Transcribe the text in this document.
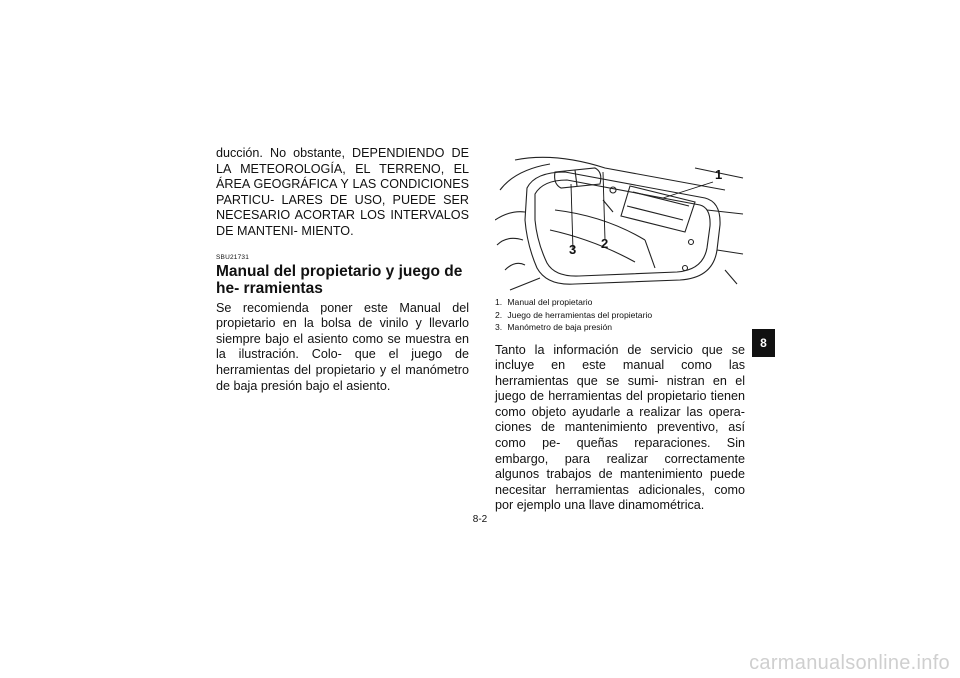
ducción. No obstante, DEPENDIENDO DE LA METEOROLOGÍA, EL TERRENO, EL ÁREA GEOGRÁFICA Y LAS CONDICIONES PARTICU- LARES DE USO, PUEDE SER NECESARIO ACORTAR LOS INTERVALOS DE MANTENI- MIENTO.

SBU21731
Manual del propietario y juego de he- rramientas

Se recomienda poner este Manual del propietario en la bolsa de vinilo y llevarlo siempre bajo el asiento como se muestra en la ilustración. Colo- que el juego de herramientas del propietario y el manómetro de baja presión bajo el asiento.

1
2
3
1. Manual del propietario
2. Juego de herramientas del propietario
3. Manómetro de baja presión

Tanto la información de servicio que se incluye en este manual como las herramientas que se sumi- nistran en el juego de herramientas del propietario tienen como objeto ayudarle a realizar las opera- ciones de mantenimiento preventivo, así como pe- queñas reparaciones. Sin embargo, para realizar correctamente algunos trabajos de mantenimiento puede necesitar herramientas adicionales, como por ejemplo una llave dinamométrica.

8
8-2
carmanualsonline.info
